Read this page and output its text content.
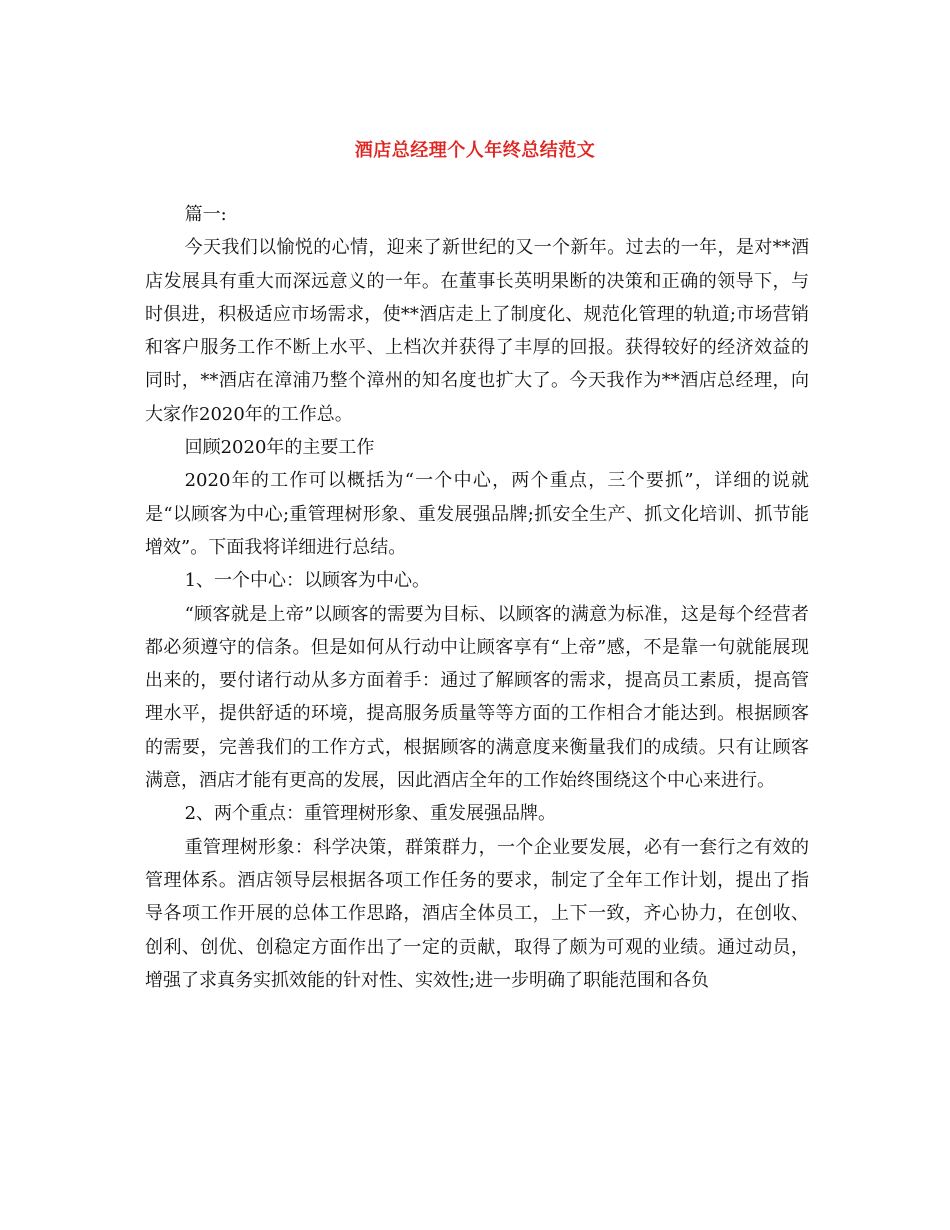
酒店总经理个人年终总结范文

篇一:

今天我们以愉悦的心情，迎来了新世纪的又一个新年。过去的一年，是对**酒店发展具有重大而深远意义的一年。在董事长英明果断的决策和正确的领导下，与时俱进，积极适应市场需求，使**酒店走上了制度化、规范化管理的轨道;市场营销和客户服务工作不断上水平、上档次并获得了丰厚的回报。获得较好的经济效益的同时，**酒店在漳浦乃整个漳州的知名度也扩大了。今天我作为**酒店总经理，向大家作2020年的工作总。

回顾2020年的主要工作

2020年的工作可以概括为“一个中心，两个重点，三个要抓”，详细的说就是“以顾客为中心;重管理树形象、重发展强品牌;抓安全生产、抓文化培训、抓节能增效”。下面我将详细进行总结。

1、一个中心：以顾客为中心。

“顾客就是上帝”以顾客的需要为目标、以顾客的满意为标准，这是每个经营者都必须遵守的信条。但是如何从行动中让顾客享有“上帝”感，不是靠一句就能展现出来的，要付诸行动从多方面着手：通过了解顾客的需求，提高员工素质，提高管理水平，提供舒适的环境，提高服务质量等等方面的工作相合才能达到。根据顾客的需要，完善我们的工作方式，根据顾客的满意度来衡量我们的成绩。只有让顾客满意，酒店才能有更高的发展，因此酒店全年的工作始终围绕这个中心来进行。

2、两个重点：重管理树形象、重发展强品牌。

重管理树形象：科学决策，群策群力，一个企业要发展，必有一套行之有效的管理体系。酒店领导层根据各项工作任务的要求，制定了全年工作计划，提出了指导各项工作开展的总体工作思路，酒店全体员工，上下一致，齐心协力，在创收、创利、创优、创稳定方面作出了一定的贡献，取得了颇为可观的业绩。通过动员，增强了求真务实抓效能的针对性、实效性;进一步明确了职能范围和各负
